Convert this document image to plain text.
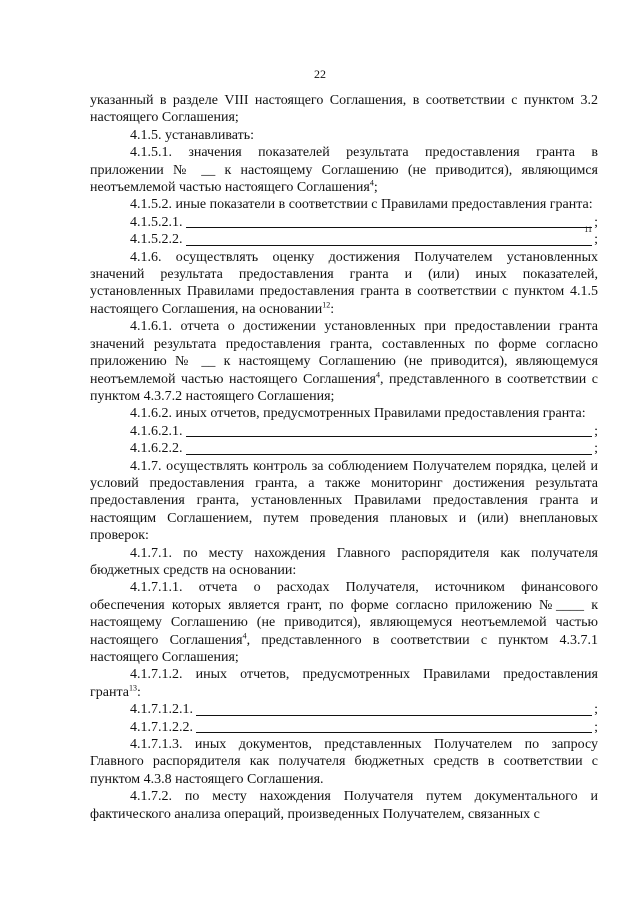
22

указанный в разделе VIII настоящего Соглашения, в соответствии с пунктом 3.2 настоящего Соглашения;

4.1.5. устанавливать:

4.1.5.1. значения показателей результата предоставления гранта в приложении № __ к настоящему Соглашению (не приводится), являющимся неотъемлемой частью настоящего Соглашения$^4$;

4.1.5.2. иные показатели в соответствии с Правилами предоставления гранта:

4.1.5.2.1.	;
4.1.5.2.2.
11
;

4.1.6. осуществлять оценку достижения Получателем установленных значений результата предоставления гранта и (или) иных показателей, установленных Правилами предоставления гранта в соответствии с пунктом 4.1.5 настоящего Соглашения, на основании$^{12}$:

4.1.6.1. отчета о достижении установленных при предоставлении гранта значений результата предоставления гранта, составленных по форме согласно приложению № __ к настоящему Соглашению (не приводится), являющемуся неотъемлемой частью настоящего Соглашения$^4$, представленного в соответствии с пунктом 4.3.7.2 настоящего Соглашения;

4.1.6.2. иных отчетов, предусмотренных Правилами предоставления гранта:

4.1.6.2.1.	;
4.1.6.2.2.	;

4.1.7. осуществлять контроль за соблюдением Получателем порядка, целей и условий предоставления гранта, а также мониторинг достижения результата предоставления гранта, установленных Правилами предоставления гранта и настоящим Соглашением, путем проведения плановых и (или) внеплановых проверок:

4.1.7.1. по месту нахождения Главного распорядителя как получателя бюджетных средств на основании:

4.1.7.1.1. отчета о расходах Получателя, источником финансового обеспечения которых является грант, по форме согласно приложению №____ к настоящему Соглашению (не приводится), являющемуся неотъемлемой частью настоящего Соглашения$^4$, представленного в соответствии с пунктом 4.3.7.1 настоящего Соглашения;

4.1.7.1.2. иных отчетов, предусмотренных Правилами предоставления гранта$^{13}$:

4.1.7.1.2.1.	;
4.1.7.1.2.2.	;

4.1.7.1.3. иных документов, представленных Получателем по запросу Главного распорядителя как получателя бюджетных средств в соответствии с пунктом 4.3.8 настоящего Соглашения.

4.1.7.2. по месту нахождения Получателя путем документального и фактического анализа операций, произведенных Получателем, связанных с
